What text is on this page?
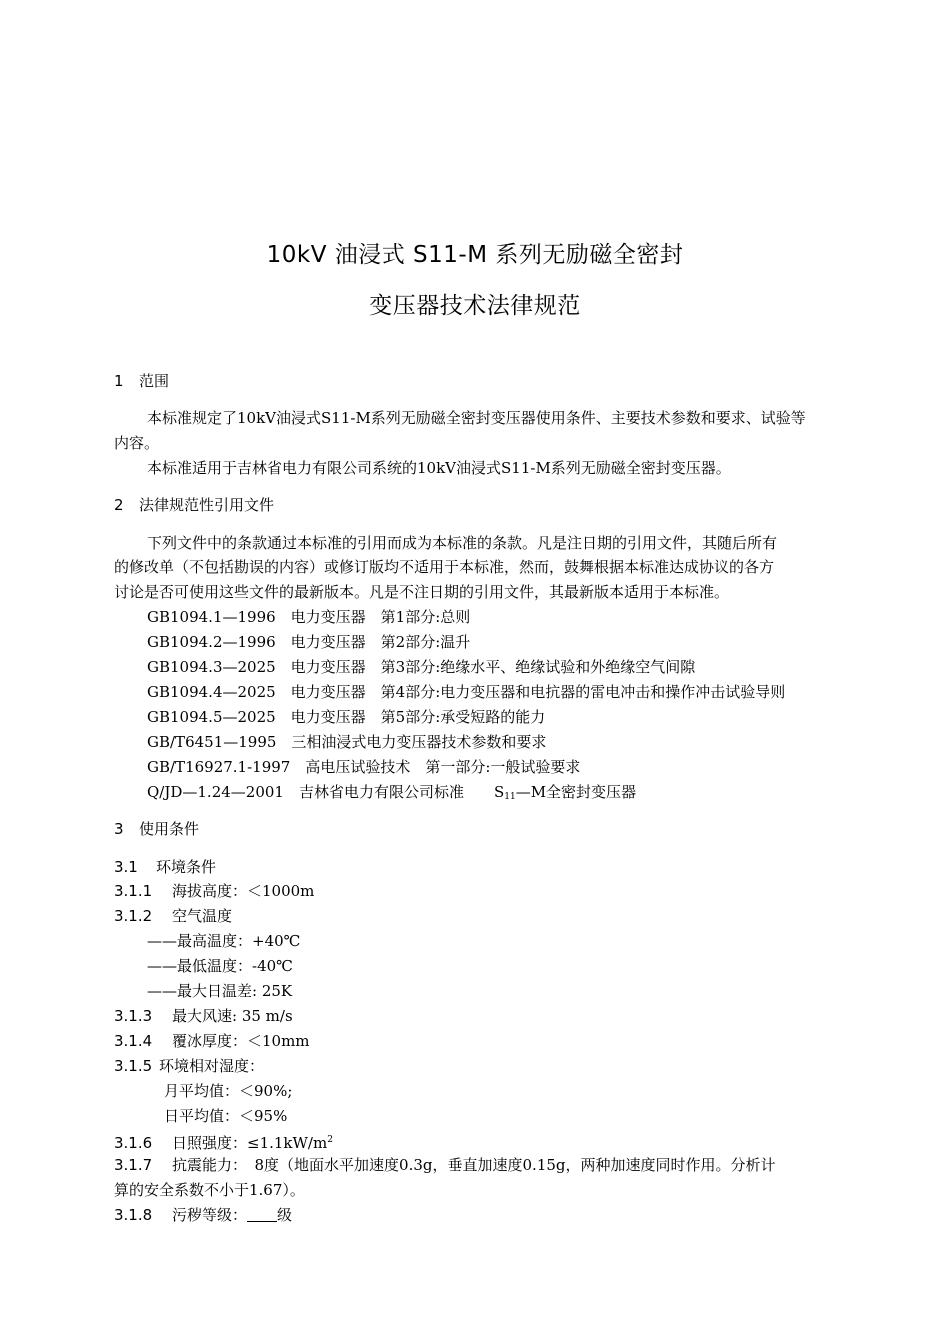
10kV 油浸式 S11-M 系列无励磁全密封
变压器技术法律规范
1 范围
本标准规定了10kV油浸式S11-M系列无励磁全密封变压器使用条件、主要技术参数和要求、试验等
内容。
本标准适用于吉林省电力有限公司系统的10kV油浸式S11-M系列无励磁全密封变压器。
2 法律规范性引用文件
下列文件中的条款通过本标准的引用而成为本标准的条款。凡是注日期的引用文件，其随后所有
的修改单（不包括勘误的内容）或修订版均不适用于本标准，然而，鼓舞根据本标准达成协议的各方
讨论是否可使用这些文件的最新版本。凡是不注日期的引用文件，其最新版本适用于本标准。
GB1094.1—1996　电力变压器　第1部分:总则
GB1094.2—1996　电力变压器　第2部分:温升
GB1094.3—2025　电力变压器　第3部分:绝缘水平、绝缘试验和外绝缘空气间隙
GB1094.4—2025　电力变压器　第4部分:电力变压器和电抗器的雷电冲击和操作冲击试验导则
GB1094.5—2025　电力变压器　第5部分:承受短路的能力
GB/T6451—1995　三相油浸式电力变压器技术参数和要求
GB/T16927.1-1997　高电压试验技术　第一部分:一般试验要求
Q/JD—1.24—2001　吉林省电力有限公司标准　　$S_{11}—M$全密封变压器
3 使用条件
3.1 环境条件
3.1.1 海拔高度：＜1000m
3.1.2 空气温度
——最高温度：+40℃
——最低温度：-40℃
——最大日温差: 25K
3.1.3 最大风速: 35 m/s
3.1.4 覆冰厚度：＜10mm
3.1.5 环境相对湿度：
月平均值：＜90%;
日平均值：＜95%
3.1.6 日照强度：$\le 1.1kW/m^2$
3.1.7 抗震能力：　8度（地面水平加速度0.3g，垂直加速度0.15g，两种加速度同时作用。分析计
算的安全系数不小于1.67）。
3.1.8 污秽等级： 级
